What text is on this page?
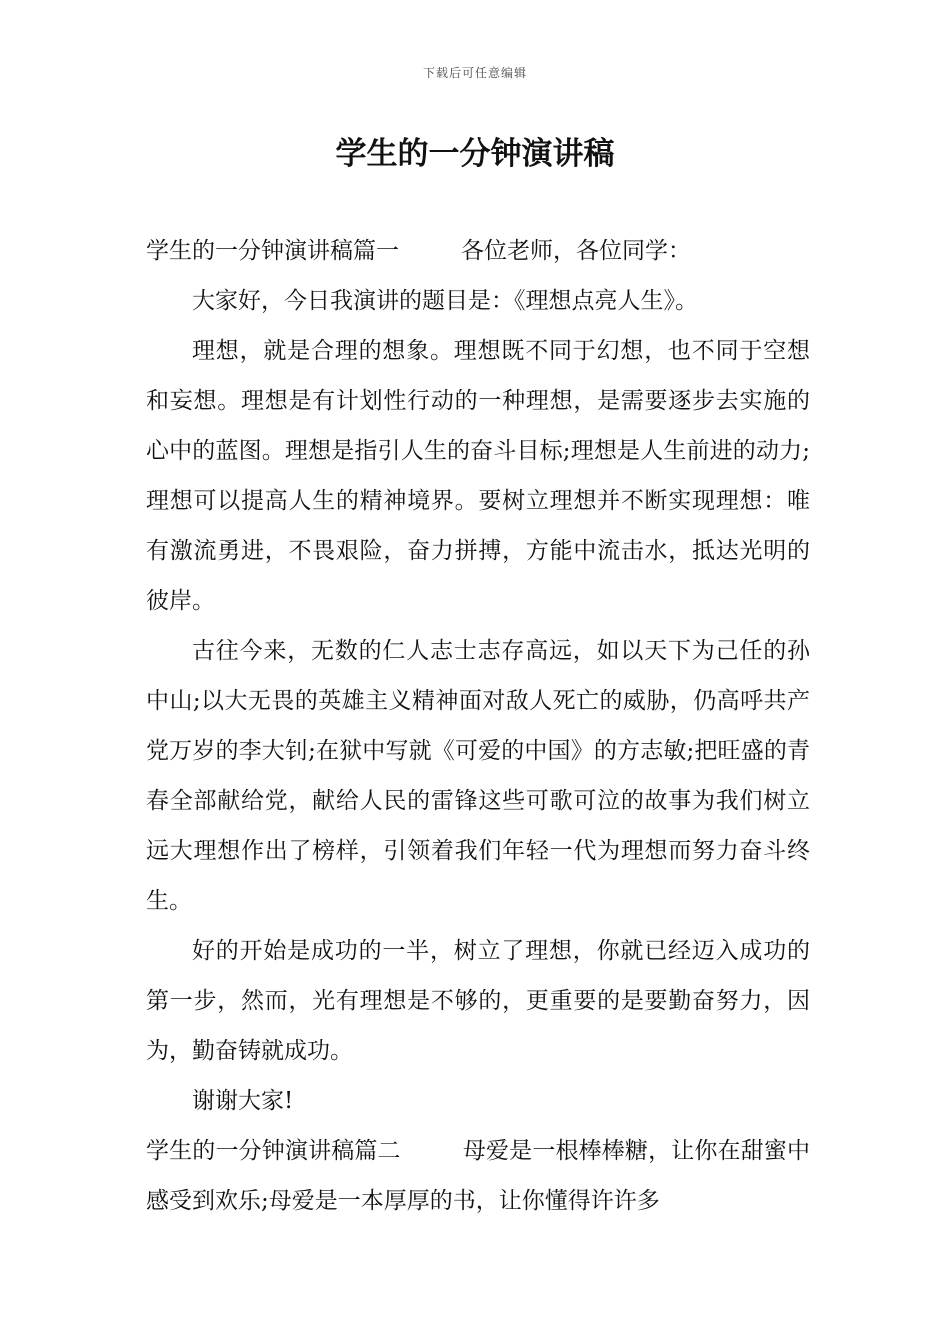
下载后可任意编辑
学生的一分钟演讲稿

学生的一分钟演讲稿篇一	各位老师，各位同学：

大家好，今日我演讲的题目是：《理想点亮人生》。

理想，就是合理的想象。理想既不同于幻想，也不同于空想和妄想。理想是有计划性行动的一种理想，是需要逐步去实施的心中的蓝图。理想是指引人生的奋斗目标;理想是人生前进的动力;理想可以提高人生的精神境界。要树立理想并不断实现理想：唯有激流勇进，不畏艰险，奋力拼搏，方能中流击水，抵达光明的彼岸。

古往今来，无数的仁人志士志存高远，如以天下为己任的孙中山;以大无畏的英雄主义精神面对敌人死亡的威胁，仍高呼共产党万岁的李大钊;在狱中写就《可爱的中国》的方志敏;把旺盛的青春全部献给党，献给人民的雷锋这些可歌可泣的故事为我们树立远大理想作出了榜样，引领着我们年轻一代为理想而努力奋斗终生。

好的开始是成功的一半，树立了理想，你就已经迈入成功的第一步，然而，光有理想是不够的，更重要的是要勤奋努力，因为，勤奋铸就成功。

谢谢大家!

学生的一分钟演讲稿篇二	母爱是一根棒棒糖，让你在甜蜜中感受到欢乐;母爱是一本厚厚的书，让你懂得许许多
